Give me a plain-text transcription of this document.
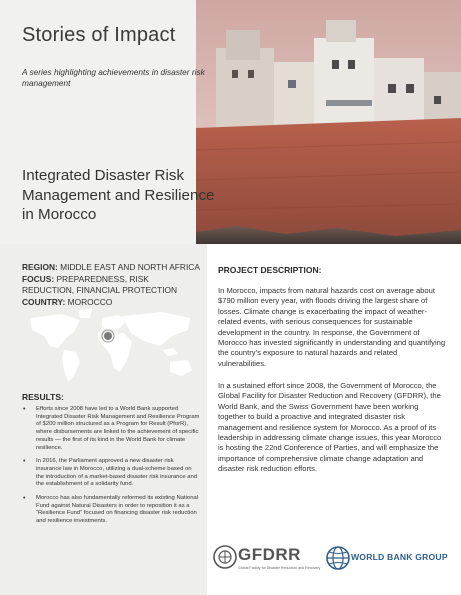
Stories of Impact
A series highlighting achievements in disaster risk management
Integrated Disaster Risk Management and Resilience in Morocco
REGION: MIDDLE EAST AND NORTH AFRICA
FOCUS: PREPAREDNESS, RISK REDUCTION, FINANCIAL PROTECTION
COUNTRY: MOROCCO
RESULTS:
• Efforts since 2008 have led to a World Bank supported Integrated Disaster Risk Management and Resilience Program of $200 million structured as a Program for Result (PforR), where disbursements are linked to the achievement of specific results — the first of its kind in the World Bank for climate resilience.
• In 2016, the Parliament approved a new disaster risk insurance law in Morocco, utilizing a dual-scheme based on the introduction of a market-based disaster risk insurance and the establishment of a solidarity fund.
• Morocco has also fundamentally reformed its existing National Fund against Natural Disasters in order to reposition it as a “Resilience Fund” focused on financing disaster risk reduction and resilience investments.
PROJECT DESCRIPTION:

In Morocco, impacts from natural hazards cost on average about $790 million every year, with floods driving the largest share of losses. Climate change is exacerbating the impact of weather-related events, with serious consequences for sustainable development in the country. In response, the Government of Morocco has invested significantly in understanding and quantifying the country’s exposure to natural hazards and related vulnerabilities.

In a sustained effort since 2008, the Government of Morocco, the Global Facility for Disaster Reduction and Recovery (GFDRR), the World Bank, and the Swiss Government have been working together to build a proactive and integrated disaster risk management and resilience system for Morocco. As a proof of its leadership in addressing climate change issues, this year Morocco is hosting the 22nd Conference of Parties, and will emphasize the importance of comprehensive climate change adaptation and disaster risk reduction efforts.

GFDRR
Global Facility for Disaster Reduction and Recovery
WORLD BANK GROUP
